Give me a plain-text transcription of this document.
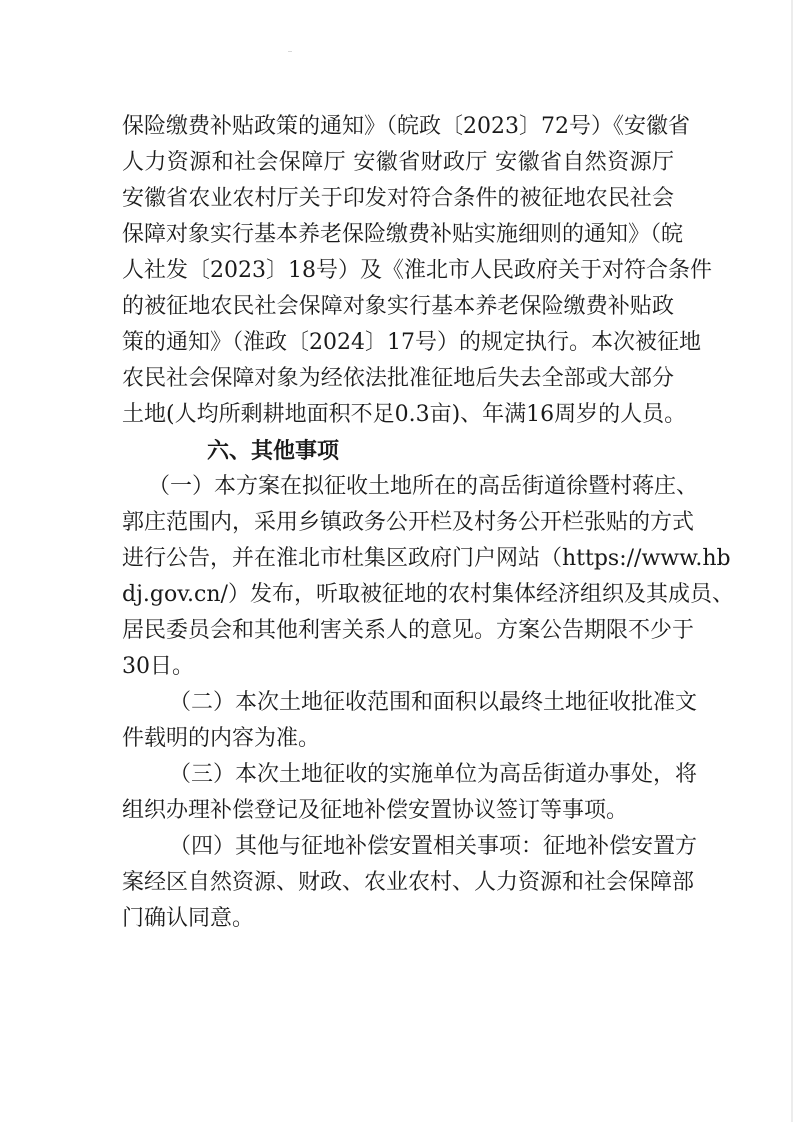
保险缴费补贴政策的通知》（皖政〔2023〕72号）《安徽省
人力资源和社会保障厅 安徽省财政厅 安徽省自然资源厅
安徽省农业农村厅关于印发对符合条件的被征地农民社会
保障对象实行基本养老保险缴费补贴实施细则的通知》（皖
人社发〔2023〕18号）及《淮北市人民政府关于对符合条件
的被征地农民社会保障对象实行基本养老保险缴费补贴政
策的通知》（淮政〔2024〕17号）的规定执行。本次被征地
农民社会保障对象为经依法批准征地后失去全部或大部分
土地(人均所剩耕地面积不足0.3亩)、年满16周岁的人员。
六、其他事项
（一）本方案在拟征收土地所在的高岳街道徐暨村蒋庄、
郭庄范围内，采用乡镇政务公开栏及村务公开栏张贴的方式
进行公告，并在淮北市杜集区政府门户网站（https://www.hb
dj.gov.cn/）发布，听取被征地的农村集体经济组织及其成员、
居民委员会和其他利害关系人的意见。方案公告期限不少于
30日。
（二）本次土地征收范围和面积以最终土地征收批准文
件载明的内容为准。
（三）本次土地征收的实施单位为高岳街道办事处，将
组织办理补偿登记及征地补偿安置协议签订等事项。
（四）其他与征地补偿安置相关事项：征地补偿安置方
案经区自然资源、财政、农业农村、人力资源和社会保障部
门确认同意。
